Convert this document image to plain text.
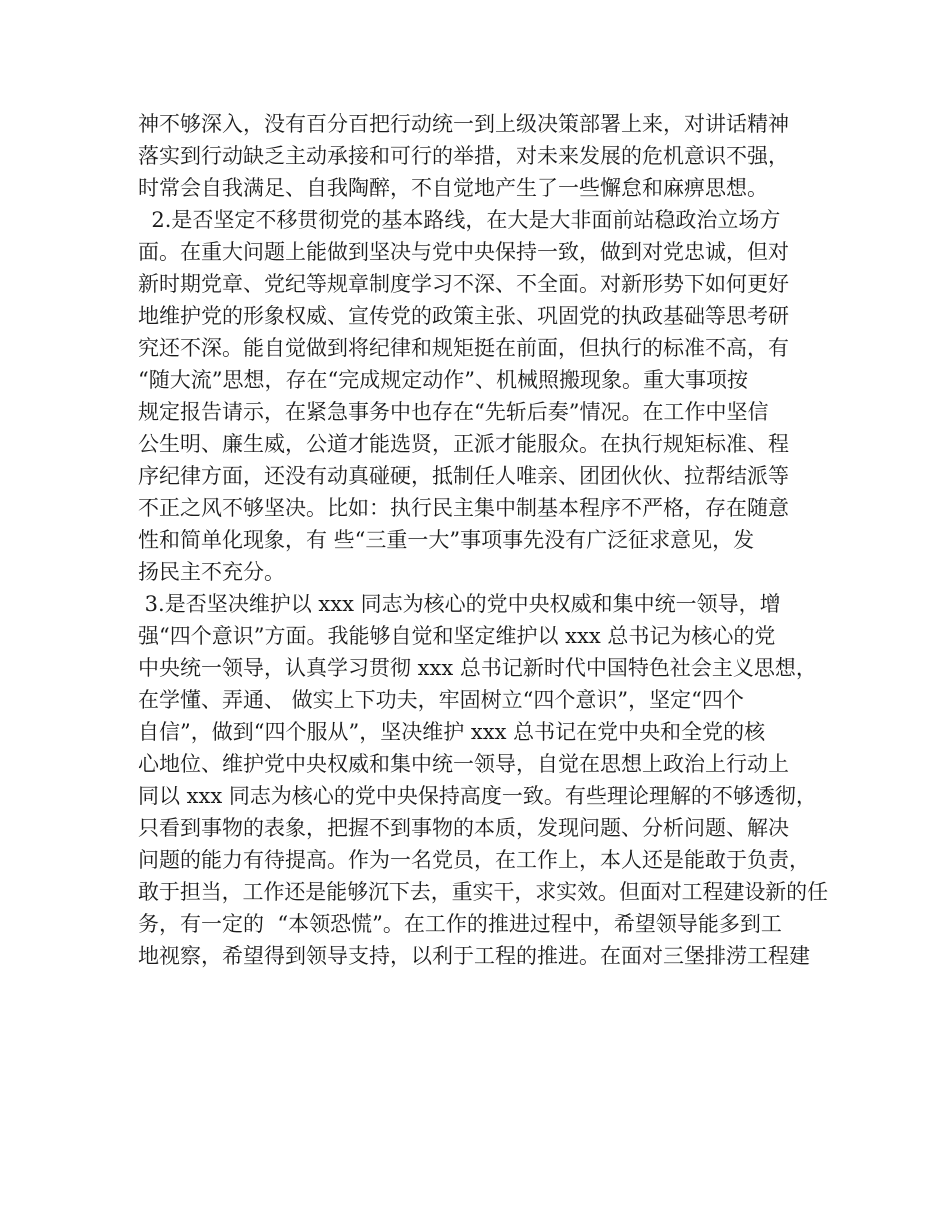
神不够深入，没有百分百把行动统一到上级决策部署上来，对讲话精神
落实到行动缺乏主动承接和可行的举措，对未来发展的危机意识不强，
时常会自我满足、自我陶醉，不自觉地产生了一些懈怠和麻痹思想。
2.是否坚定不移贯彻党的基本路线，在大是大非面前站稳政治立场方
面。在重大问题上能做到坚决与党中央保持一致，做到对党忠诚，但对
新时期党章、党纪等规章制度学习不深、不全面。对新形势下如何更好
地维护党的形象权威、宣传党的政策主张、巩固党的执政基础等思考研
究还不深。能自觉做到将纪律和规矩挺在前面，但执行的标准不高，有
“随大流”思想，存在“完成规定动作”、机械照搬现象。重大事项按
规定报告请示，在紧急事务中也存在“先斩后奏”情况。在工作中坚信
公生明、廉生威，公道才能选贤，正派才能服众。在执行规矩标准、程
序纪律方面，还没有动真碰硬，抵制任人唯亲、团团伙伙、拉帮结派等
不正之风不够坚决。比如：执行民主集中制基本程序不严格，存在随意
性和简单化现象，有 些“三重一大”事项事先没有广泛征求意见，发
扬民主不充分。
3.是否坚决维护以 xxx 同志为核心的党中央权威和集中统一领导，增
强“四个意识”方面。我能够自觉和坚定维护以 xxx 总书记为核心的党
中央统一领导，认真学习贯彻 xxx 总书记新时代中国特色社会主义思想，
在学懂、弄通、 做实上下功夫，牢固树立“四个意识”，坚定“四个
自信”，做到“四个服从”，坚决维护 xxx 总书记在党中央和全党的核
心地位、维护党中央权威和集中统一领导，自觉在思想上政治上行动上
同以 xxx 同志为核心的党中央保持高度一致。有些理论理解的不够透彻，
只看到事物的表象，把握不到事物的本质，发现问题、分析问题、解决
问题的能力有待提高。作为一名党员，在工作上，本人还是能敢于负责，
敢于担当，工作还是能够沉下去，重实干，求实效。但面对工程建设新的任
务，有一定的  “本领恐慌”。在工作的推进过程中，希望领导能多到工
地视察，希望得到领导支持，以利于工程的推进。在面对三堡排涝工程建
